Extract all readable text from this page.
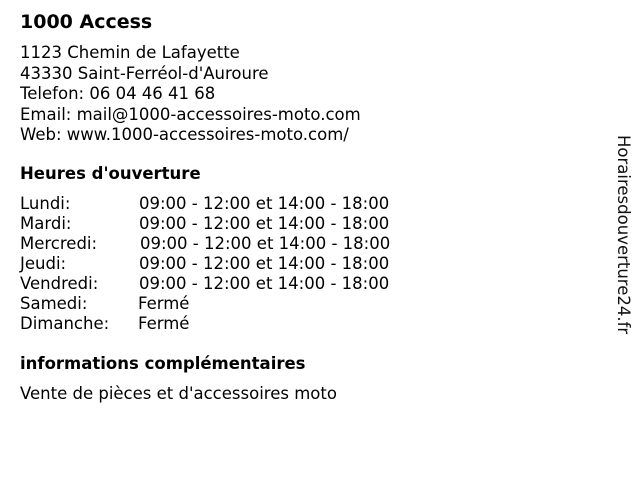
1000 Access
1123 Chemin de Lafayette
43330 Saint-Ferréol-d'Auroure
Telefon: 06 04 46 41 68
Email: mail@1000-accessoires-moto.com
Web: www.1000-accessoires-moto.com/
Heures d'ouverture
Lundi:	09:00 - 12:00 et 14:00 - 18:00
Mardi:	09:00 - 12:00 et 14:00 - 18:00
Mercredi:	09:00 - 12:00 et 14:00 - 18:00
Jeudi:	09:00 - 12:00 et 14:00 - 18:00
Vendredi: 09:00 - 12:00 et 14:00 - 18:00
Samedi:	Fermé
Dimanche: Fermé
informations complémentaires
Vente de pièces et d'accessoires moto
Horairesdouverture24.fr
